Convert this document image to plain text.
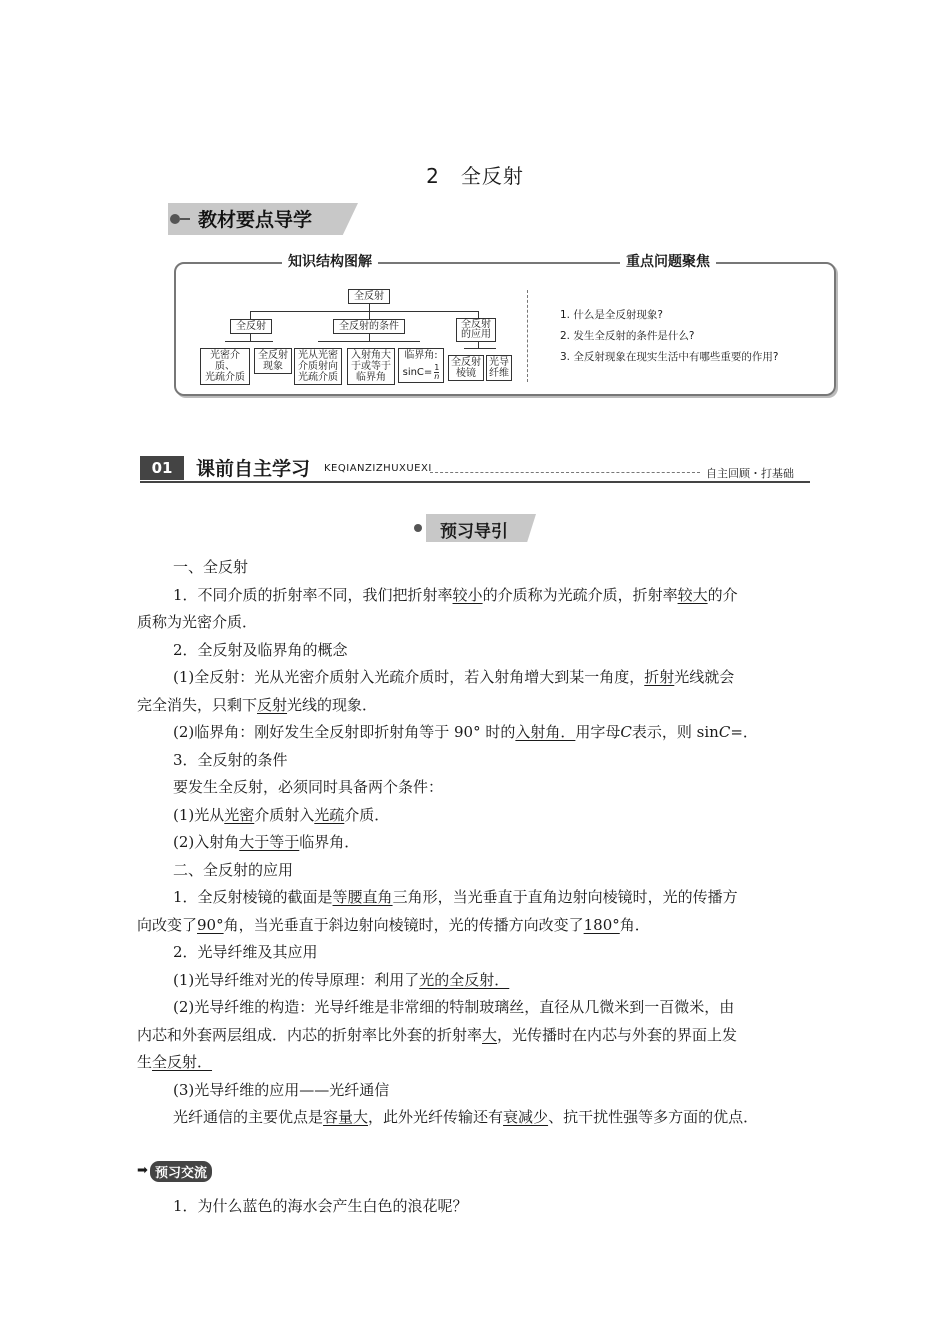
2　全反射
教材要点导学
知识结构图解	重点问题聚焦
全反射
全反射	全反射的条件	全反射
的应用
光密介质、
光疏介质
全反射
现象
光从光密
介质射向
光疏介质
入射角大
于或等于
临界角
临界角:
$\sin C= \frac{1}{n}$
全反射
棱镜
光导
纤维
1. 什么是全反射现象?
2. 发生全反射的条件是什么?
3. 全反射现象在现实生活中有哪些重要的作用?
01	课前自主学习 KEQIANZIZHUXUEXI	自主回顾・打基础
预习导引
一、全反射
1．不同介质的折射率不同，我们把折射率较小的介质称为光疏介质，折射率较大的介
质称为光密介质．
2．全反射及临界角的概念
(1)全反射：光从光密介质射入光疏介质时，若入射角增大到某一角度，折射光线就会
完全消失，只剩下反射光线的现象．
(2)临界角：刚好发生全反射即折射角等于 90° 时的入射角．用字母C表示，则 sinC=．
3．全反射的条件
要发生全反射，必须同时具备两个条件：
(1)光从光密介质射入光疏介质．
(2)入射角大于等于临界角．
二、全反射的应用
1．全反射棱镜的截面是等腰直角三角形，当光垂直于直角边射向棱镜时，光的传播方
向改变了90°角，当光垂直于斜边射向棱镜时，光的传播方向改变了180°角．
2．光导纤维及其应用
(1)光导纤维对光的传导原理：利用了光的全反射．
(2)光导纤维的构造：光导纤维是非常细的特制玻璃丝，直径从几微米到一百微米，由
内芯和外套两层组成．内芯的折射率比外套的折射率大，光传播时在内芯与外套的界面上发
生全反射．
(3)光导纤维的应用——光纤通信
光纤通信的主要优点是容量大，此外光纤传输还有衰减少、抗干扰性强等多方面的优点．
➡ 预习交流
1．为什么蓝色的海水会产生白色的浪花呢？
